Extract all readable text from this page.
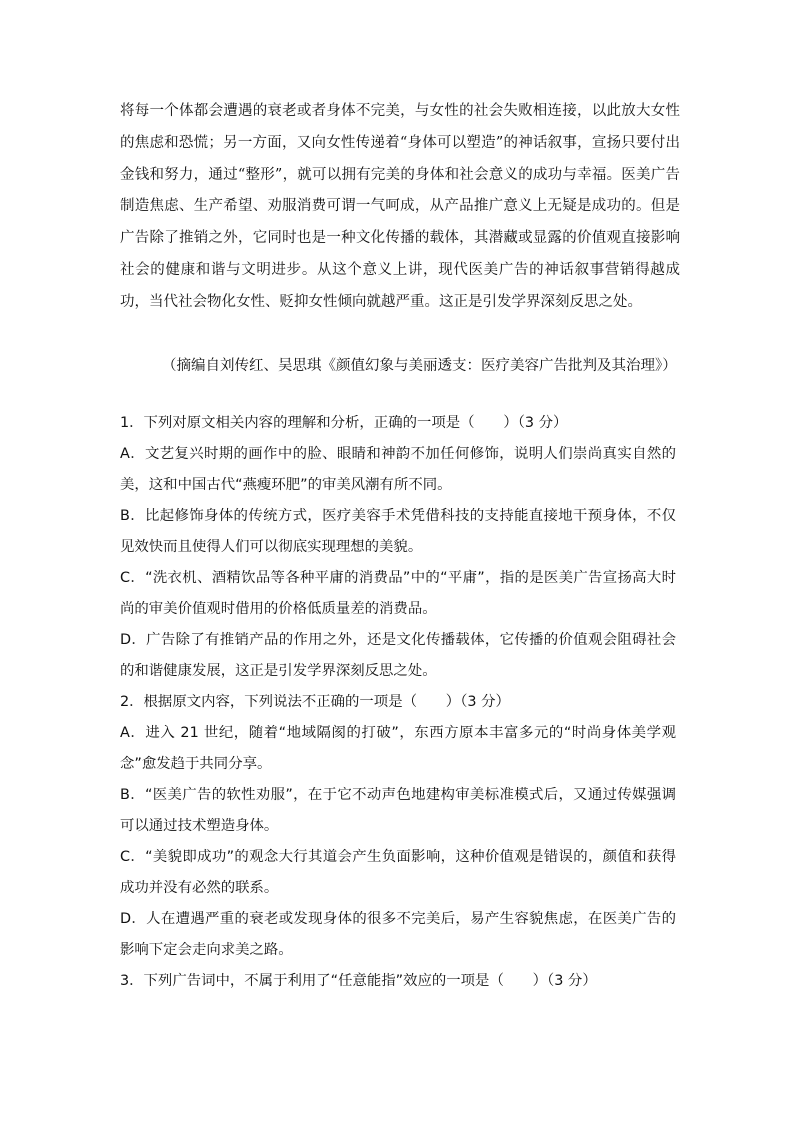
将每一个体都会遭遇的衰老或者身体不完美，与女性的社会失败相连接，以此放大女性的焦虑和恐慌；另一方面，又向女性传递着“身体可以塑造”的神话叙事，宣扬只要付出金钱和努力，通过“整形”，就可以拥有完美的身体和社会意义的成功与幸福。医美广告制造焦虑、生产希望、劝服消费可谓一气呵成，从产品推广意义上无疑是成功的。但是广告除了推销之外，它同时也是一种文化传播的载体，其潜藏或显露的价值观直接影响社会的健康和谐与文明进步。从这个意义上讲，现代医美广告的神话叙事营销得越成功，当代社会物化女性、贬抑女性倾向就越严重。这正是引发学界深刻反思之处。

（摘编自刘传红、吴思琪《颜值幻象与美丽透支：医疗美容广告批判及其治理》）

1．下列对原文相关内容的理解和分析，正确的一项是（　　）（3 分）

A．文艺复兴时期的画作中的脸、眼睛和神韵不加任何修饰，说明人们崇尚真实自然的美，这和中国古代“燕瘦环肥”的审美风潮有所不同。

B．比起修饰身体的传统方式，医疗美容手术凭借科技的支持能直接地干预身体，不仅见效快而且使得人们可以彻底实现理想的美貌。

C．“洗衣机、酒精饮品等各种平庸的消费品”中的“平庸”，指的是医美广告宣扬高大时尚的审美价值观时借用的价格低质量差的消费品。

D．广告除了有推销产品的作用之外，还是文化传播载体，它传播的价值观会阻碍社会的和谐健康发展，这正是引发学界深刻反思之处。

2．根据原文内容，下列说法不正确的一项是（　　）（3 分）

A．进入 21 世纪，随着“地域隔阂的打破”，东西方原本丰富多元的“时尚身体美学观念”愈发趋于共同分享。

B．“医美广告的软性劝服”，在于它不动声色地建构审美标准模式后，又通过传媒强调可以通过技术塑造身体。

C．“美貌即成功”的观念大行其道会产生负面影响，这种价值观是错误的，颜值和获得成功并没有必然的联系。

D．人在遭遇严重的衰老或发现身体的很多不完美后，易产生容貌焦虑，在医美广告的影响下定会走向求美之路。

3．下列广告词中，不属于利用了“任意能指”效应的一项是（　　）（3 分）
